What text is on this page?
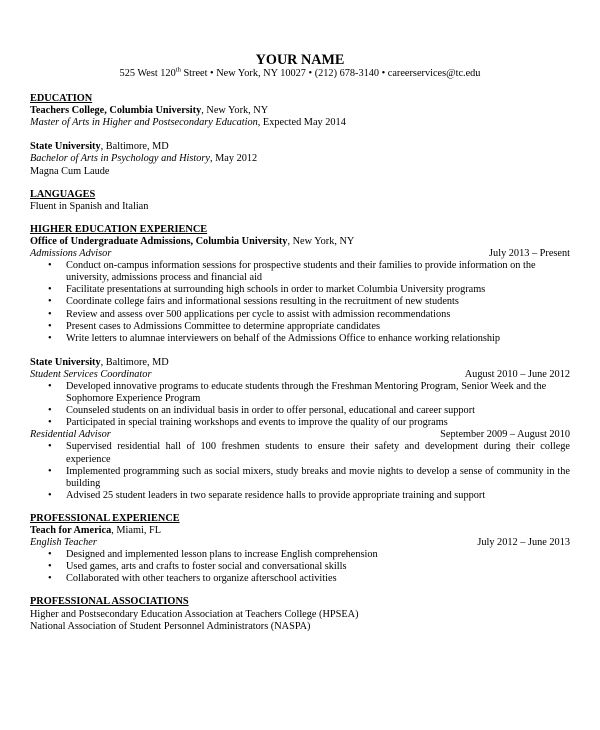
YOUR NAME
525 West 120th Street • New York, NY 10027 • (212) 678-3140 • careerservices@tc.edu
EDUCATION
Teachers College, Columbia University, New York, NY
Master of Arts in Higher and Postsecondary Education, Expected May 2014
State University, Baltimore, MD
Bachelor of Arts in Psychology and History, May 2012
Magna Cum Laude
LANGUAGES
Fluent in Spanish and Italian
HIGHER EDUCATION EXPERIENCE
Office of Undergraduate Admissions, Columbia University, New York, NY
Admissions Advisor	July 2013 – Present
• Conduct on-campus information sessions for prospective students and their families to provide information on the university, admissions process and financial aid
• Facilitate presentations at surrounding high schools in order to market Columbia University programs
• Coordinate college fairs and informational sessions resulting in the recruitment of new students
• Review and assess over 500 applications per cycle to assist with admission recommendations
• Present cases to Admissions Committee to determine appropriate candidates
• Write letters to alumnae interviewers on behalf of the Admissions Office to enhance working relationship
State University, Baltimore, MD
Student Services Coordinator	August 2010 – June 2012
• Developed innovative programs to educate students through the Freshman Mentoring Program, Senior Week and the Sophomore Experience Program
• Counseled students on an individual basis in order to offer personal, educational and career support
• Participated in special training workshops and events to improve the quality of our programs
Residential Advisor	September 2009 – August 2010
• Supervised residential hall of 100 freshmen students to ensure their safety and development during their college experience
• Implemented programming such as social mixers, study breaks and movie nights to develop a sense of community in the building
• Advised 25 student leaders in two separate residence halls to provide appropriate training and support
PROFESSIONAL EXPERIENCE
Teach for America, Miami, FL
English Teacher	July 2012 – June 2013
• Designed and implemented lesson plans to increase English comprehension
• Used games, arts and crafts to foster social and conversational skills
• Collaborated with other teachers to organize afterschool activities
PROFESSIONAL ASSOCIATIONS
Higher and Postsecondary Education Association at Teachers College (HPSEA)
National Association of Student Personnel Administrators (NASPA)
